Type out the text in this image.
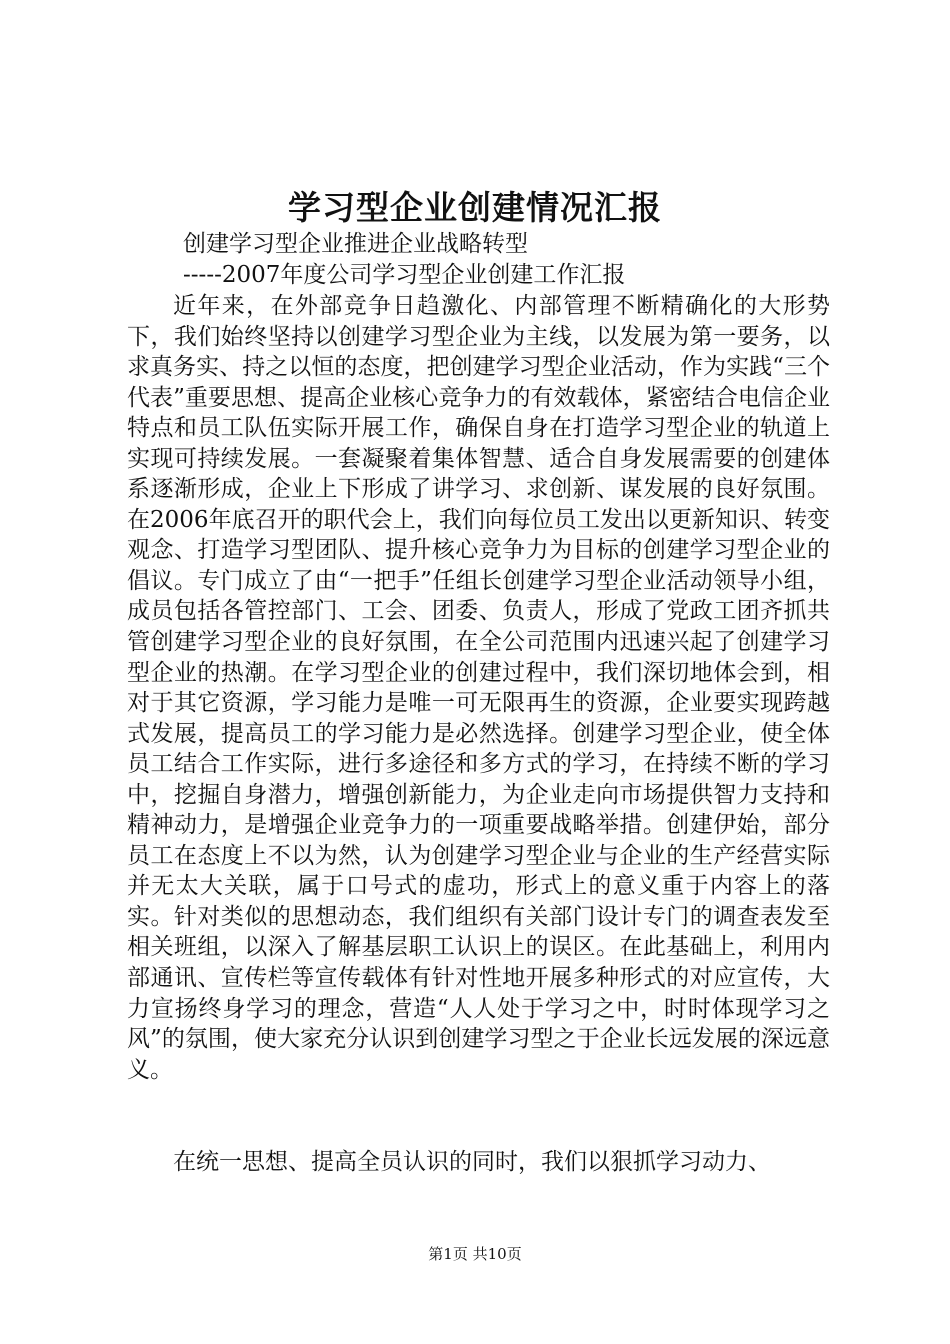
学习型企业创建情况汇报

创建学习型企业推进企业战略转型

-----2007年度公司学习型企业创建工作汇报

近年来，在外部竞争日趋激化、内部管理不断精确化的大形势下，我们始终坚持以创建学习型企业为主线，以发展为第一要务，以求真务实、持之以恒的态度，把创建学习型企业活动，作为实践“三个代表”重要思想、提高企业核心竞争力的有效载体，紧密结合电信企业特点和员工队伍实际开展工作，确保自身在打造学习型企业的轨道上实现可持续发展。一套凝聚着集体智慧、适合自身发展需要的创建体系逐渐形成，企业上下形成了讲学习、求创新、谋发展的良好氛围。在2006年底召开的职代会上，我们向每位员工发出以更新知识、转变观念、打造学习型团队、提升核心竞争力为目标的创建学习型企业的倡议。专门成立了由“一把手”任组长创建学习型企业活动领导小组，成员包括各管控部门、工会、团委、负责人，形成了党政工团齐抓共管创建学习型企业的良好氛围，在全公司范围内迅速兴起了创建学习型企业的热潮。在学习型企业的创建过程中，我们深切地体会到，相对于其它资源，学习能力是唯一可无限再生的资源，企业要实现跨越式发展，提高员工的学习能力是必然选择。创建学习型企业，使全体员工结合工作实际，进行多途径和多方式的学习，在持续不断的学习中，挖掘自身潜力，增强创新能力，为企业走向市场提供智力支持和精神动力，是增强企业竞争力的一项重要战略举措。创建伊始，部分员工在态度上不以为然，认为创建学习型企业与企业的生产经营实际并无太大关联，属于口号式的虚功，形式上的意义重于内容上的落实。针对类似的思想动态，我们组织有关部门设计专门的调查表发至相关班组，以深入了解基层职工认识上的误区。在此基础上，利用内部通讯、宣传栏等宣传载体有针对性地开展多种形式的对应宣传，大力宣扬终身学习的理念，营造“人人处于学习之中，时时体现学习之风”的氛围，使大家充分认识到创建学习型之于企业长远发展的深远意义。

在统一思想、提高全员认识的同时，我们以狠抓学习动力、

第1页 共10页
